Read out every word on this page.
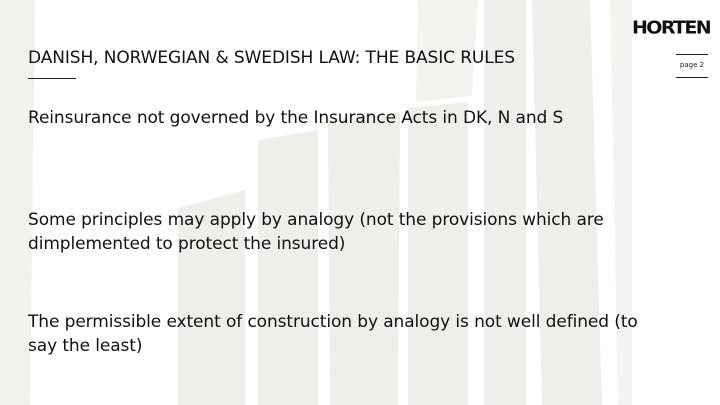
HORTEN
DANISH, NORWEGIAN & SWEDISH LAW: THE BASIC RULES	page 2
Reinsurance not governed by the Insurance Acts in DK, N and S
Some principles may apply by analogy (not the provisions which are dimplemented to protect the insured)
The permissible extent of construction by analogy is not well defined (to say the least)
